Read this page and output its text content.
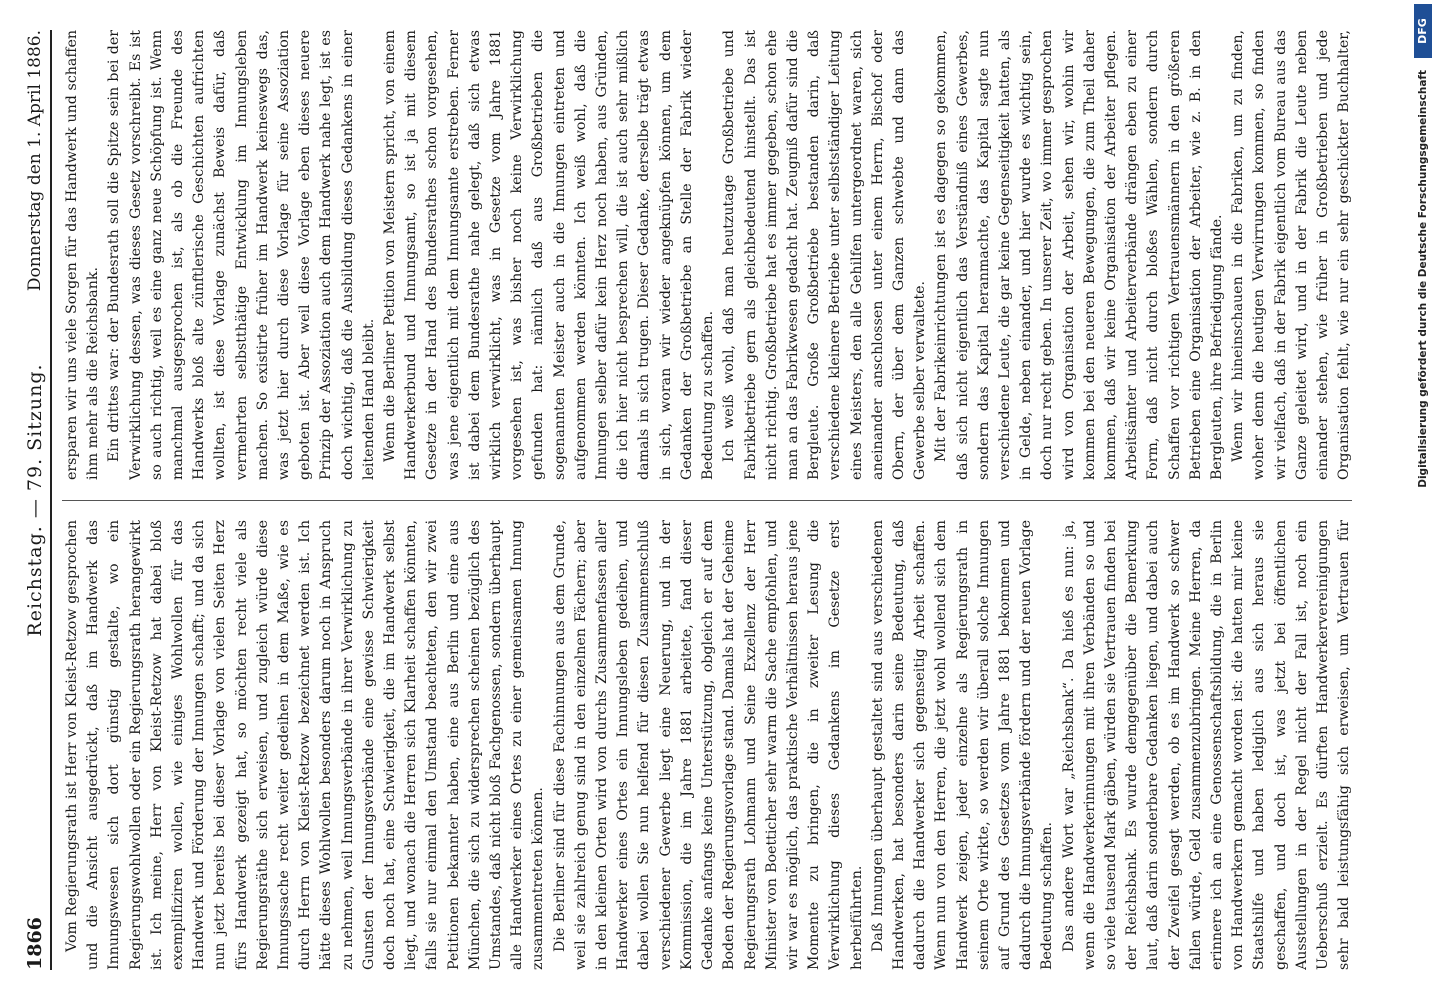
1866
Reichstag. — 79. Sitzung.
Donnerstag den 1. April 1886.

Vom Regierungsrath ist Herr von Kleist-Retzow gesprochen und die Ansicht ausgedrückt, daß im Handwerk das Innungswesen sich dort günstig gestalte, wo ein Regierungswohlwollen oder ein Regierungsrath herangewirkt ist. Ich meine, Herr von Kleist-Retzow hat dabei bloß exemplifiziren wollen, wie einiges Wohlwollen für das Handwerk und Förderung der Innungen schafft; und da sich nun jetzt bereits bei dieser Vorlage von vielen Seiten Herz fürs Handwerk gezeigt hat, so möchten recht viele als Regierungsräthe sich erweisen, und zugleich würde diese Innungssache recht weiter gedeihen in dem Maße, wie es durch Herrn von Kleist-Retzow bezeichnet werden ist. Ich hätte dieses Wohlwollen besonders darum noch in Anspruch zu nehmen, weil Innungsverbände in ihrer Verwirklichung zu Gunsten der Innungsverbände eine gewisse Schwierigkeit doch noch hat, eine Schwierigkeit, die im Handwerk selbst liegt, und wonach die Herren sich Klarheit schaffen könnten, falls sie nur einmal den Umstand beachteten, den wir zwei Petitionen bekannter haben, eine aus Berlin und eine aus München, die sich zu widersprechen scheinen bezüglich des Umstandes, daß nicht bloß Fachgenossen, sondern überhaupt alle Handwerker eines Ortes zu einer gemeinsamen Innung zusammentreten können. Die Berliner sind für diese Fachinnungen aus dem Grunde, weil sie zahlreich genug sind in den einzelnen Fächern; aber in den kleinen Orten wird von durchs Zusammenfassen aller Handwerker eines Ortes ein Innungsleben gedeihen, und dabei wollen Sie nun helfend für diesen Zusammenschluß verschiedener Gewerbe liegt eine Neuerung, und in der Kommission, die im Jahre 1881 arbeitete, fand dieser Gedanke anfangs keine Unterstützung, obgleich er auf dem Boden der Regierungsvorlage stand. Damals hat der Geheime Regierungsrath Lohmann und Seine Exzellenz der Herr Minister von Boetticher sehr warm die Sache empfohlen, und wir war es möglich, das praktische Verhältnissen heraus jene Momente zu bringen, die in zweiter Lesung die Verwirklichung dieses Gedankens im Gesetze erst herbeiführten. Daß Innungen überhaupt gestaltet sind aus verschiedenen Handwerken, hat besonders darin seine Bedeutung, daß dadurch die Handwerker sich gegenseitig Arbeit schaffen. Wenn nun von den Herren, die jetzt wohl wollend sich dem Handwerk zeigen, jeder einzelne als Regierungsrath in seinem Orte wirkte, so werden wir überall solche Innungen auf Grund des Gesetzes vom Jahre 1881 bekommen und dadurch die Innungsverbände fördern und der neuen Vorlage Bedeutung schaffen. Das andere Wort war „Reichsbank“. Da hieß es nun: ja, wenn die Handwerkerinnungen mit ihren Verbänden so und so viele tausend Mark gäben, würden sie Vertrauen finden bei der Reichsbank. Es wurde demgegenüber die Bemerkung laut, daß darin sonderbare Gedanken liegen, und dabei auch der Zweifel gesagt werden, ob es im Handwerk so schwer fallen würde, Geld zusammenzubringen. Meine Herren, da erinnere ich an eine Genossenschaftsbildung, die in Berlin von Handwerkern gemacht worden ist: die hatten mir keine Staatshilfe und haben lediglich aus sich heraus sie geschaffen, und doch ist, was jetzt bei öffentlichen Ausstellungen in der Regel nicht der Fall ist, noch ein Ueberschuß erzielt. Es dürften Handwerkervereinigungen sehr bald leistungsfähig sich erweisen, um Vertrauen für

ersparen wir uns viele Sorgen für das Handwerk und schaffen ihm mehr als die Reichsbank. Ein drittes war: der Bundesrath soll die Spitze sein bei der Verwirklichung dessen, was dieses Gesetz vorschreibt. Es ist so auch richtig, weil es eine ganz neue Schöpfung ist. Wenn manchmal ausgesprochen ist, als ob die Freunde des Handwerks bloß alte zünftlerische Geschichten aufrichten wollten, ist diese Vorlage zunächst Beweis dafür, daß vermehrten selbstthätige Entwicklung im Innungsleben machen. So existirte früher im Handwerk keineswegs das, was jetzt hier durch diese Vorlage für seine Assoziation geboten ist. Aber weil diese Vorlage eben dieses neuere Prinzip der Assoziation auch dem Handwerk nahe legt, ist es doch wichtig, daß die Ausbildung dieses Gedankens in einer leitenden Hand bleibt. Wenn die Berliner Petition von Meistern spricht, von einem Handwerkerbund und Innungsamt, so ist ja mit diesem Gesetze in der Hand des Bundesrathes schon vorgesehen, was jene eigentlich mit dem Innungsamte erstreben. Ferner ist dabei dem Bundesrathe nahe gelegt, daß sich etwas wirklich verwirklicht, was in Gesetze vom Jahre 1881 vorgesehen ist, was bisher noch keine Verwirklichung gefunden hat: nämlich daß aus Großbetrieben die sogenannten Meister auch in die Innungen eintreten und aufgenommen werden könnten. Ich weiß wohl, daß die Innungen selber dafür kein Herz noch haben, aus Gründen, die ich hier nicht besprechen will, die ist auch sehr mißlich damals in sich trugen. Dieser Gedanke, derselbe trägt etwas in sich, woran wir wieder angeknüpfen können, um dem Gedanken der Großbetriebe an Stelle der Fabrik wieder Bedeutung zu schaffen. Ich weiß wohl, daß man heutzutage Großbetriebe und Fabrikbetriebe gern als gleichbedeutend hinstellt. Das ist nicht richtig. Großbetriebe hat es immer gegeben, schon ehe man an das Fabrikwesen gedacht hat. Zeugniß dafür sind die Bergleute. Große Großbetriebe bestanden darin, daß verschiedene kleinere Betriebe unter selbstständiger Leitung eines Meisters, den alle Gehilfen untergeordnet waren, sich aneinander anschlossen unter einem Herrn, Bischof oder Obern, der über dem Ganzen schwebte und dann das Gewerbe selber verwaltete. Mit der Fabrikeinrichtungen ist es dagegen so gekommen, daß sich nicht eigentlich das Verständniß eines Gewerbes, sondern das Kapital heranmachte, das Kapital sagte nun verschiedene Leute, die gar keine Gegenseitigkeit hatten, als in Gelde, neben einander, und hier wurde es wichtig sein, doch nur recht geben. In unserer Zeit, wo immer gesprochen wird von Organisation der Arbeit, sehen wir, wohin wir kommen bei den neueren Bewegungen, die zum Theil daher kommen, daß wir keine Organisation der Arbeiter pflegen. Arbeitsämter und Arbeiterverbände drängen eben zu einer Form, daß nicht durch bloßes Wählen, sondern durch Schaffen vor richtigen Vertrauensmännern in den größeren Betrieben eine Organisation der Arbeiter, wie z. B. in den Bergleuten, ihre Befriedigung fände. Wenn wir hineinschauen in die Fabriken, um zu finden, woher denn die heutigen Verwirrungen kommen, so finden wir vielfach, daß in der Fabrik eigentlich vom Bureau aus das Ganze geleitet wird, und in der Fabrik die Leute neben einander stehen, wie früher in Großbetrieben und jede Organisation fehlt, wie nur ein sehr geschickter Buchhalter,	Digitalisierung gefördert durch die Deutsche Forschungsgemeinschaft
DFG
